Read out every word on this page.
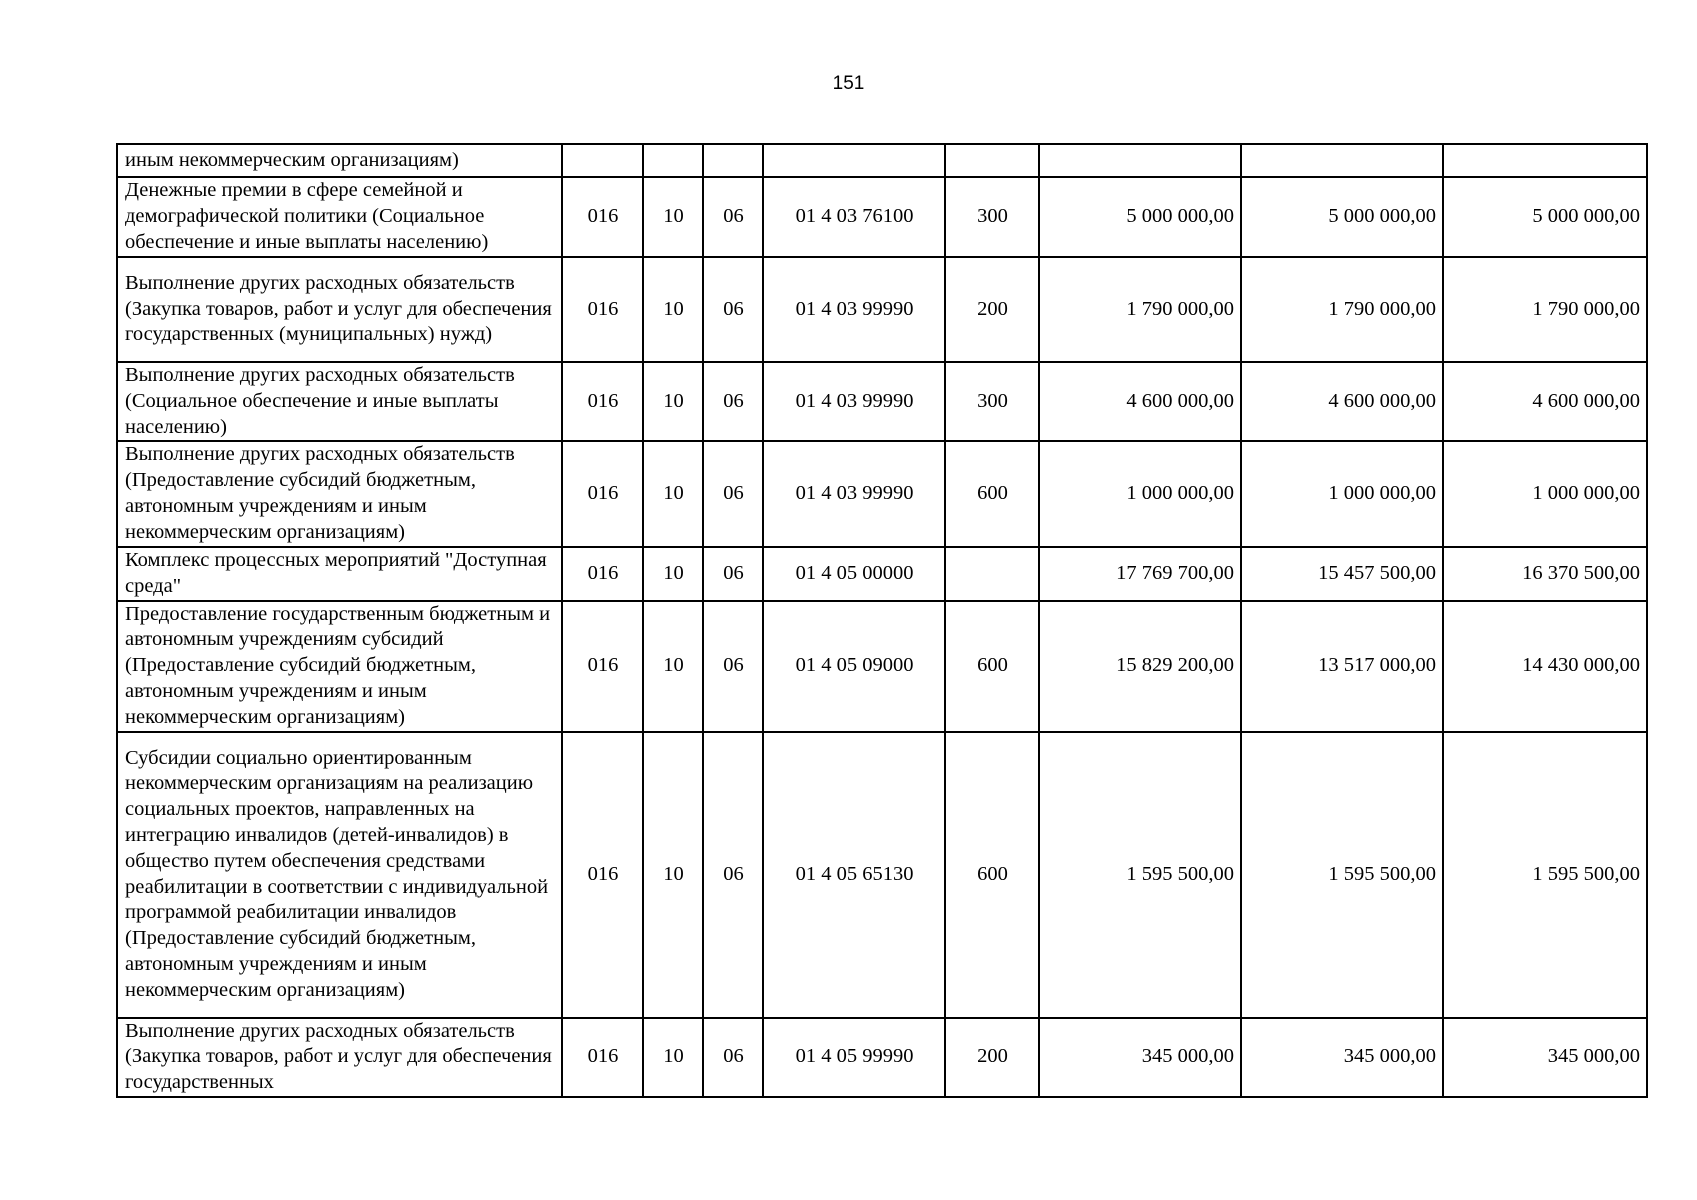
151
иным некоммерческим организациям)								
Денежные премии в сфере семейной и демографической политики (Социальное обеспечение и иные выплаты населению)	016	10	06	01 4 03 76100	300	5 000 000,00	5 000 000,00	5 000 000,00
Выполнение других расходных обязательств (Закупка товаров, работ и услуг для обеспечения государственных (муниципальных) нужд)	016	10	06	01 4 03 99990	200	1 790 000,00	1 790 000,00	1 790 000,00
Выполнение других расходных обязательств (Социальное обеспечение и иные выплаты населению)	016	10	06	01 4 03 99990	300	4 600 000,00	4 600 000,00	4 600 000,00
Выполнение других расходных обязательств (Предоставление субсидий бюджетным, автономным учреждениям и иным некоммерческим организациям)	016	10	06	01 4 03 99990	600	1 000 000,00	1 000 000,00	1 000 000,00
Комплекс процессных мероприятий "Доступная среда"	016	10	06	01 4 05 00000		17 769 700,00	15 457 500,00	16 370 500,00
Предоставление государственным бюджетным и автономным учреждениям субсидий (Предоставление субсидий бюджетным, автономным учреждениям и иным некоммерческим организациям)	016	10	06	01 4 05 09000	600	15 829 200,00	13 517 000,00	14 430 000,00
Субсидии социально ориентированным некоммерческим организациям на реализацию социальных проектов, направленных на интеграцию инвалидов (детей-инвалидов) в общество путем обеспечения средствами реабилитации в соответствии с индивидуальной программой реабилитации инвалидов (Предоставление субсидий бюджетным, автономным учреждениям и иным некоммерческим организациям)	016	10	06	01 4 05 65130	600	1 595 500,00	1 595 500,00	1 595 500,00
Выполнение других расходных обязательств (Закупка товаров, работ и услуг для обеспечения государственных	016	10	06	01 4 05 99990	200	345 000,00	345 000,00	345 000,00
